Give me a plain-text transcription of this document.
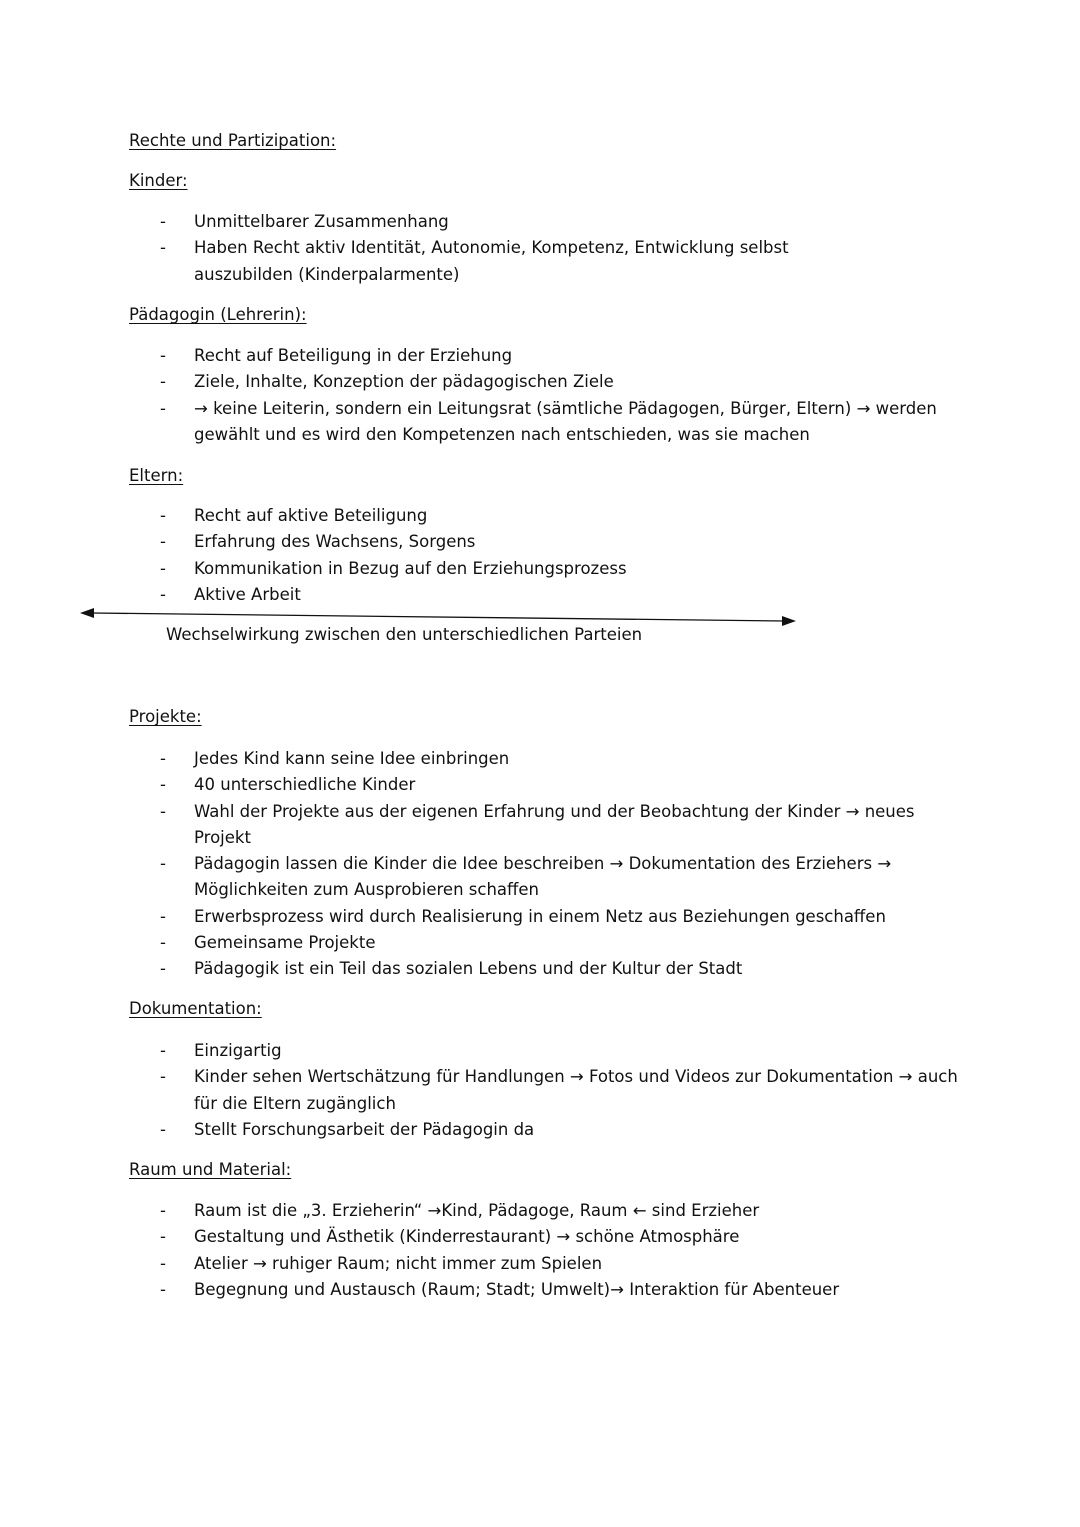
Rechte und Partizipation:
Kinder:
- Unmittelbarer Zusammenhang
- Haben Recht aktiv Identität, Autonomie, Kompetenz, Entwicklung selbst auszubilden (Kinderpalarmente)
Pädagogin (Lehrerin):
- Recht auf Beteiligung in der Erziehung
- Ziele, Inhalte, Konzeption der pädagogischen Ziele
- → keine Leiterin, sondern ein Leitungsrat (sämtliche Pädagogen, Bürger, Eltern) → werden gewählt und es wird den Kompetenzen nach entschieden, was sie machen
Eltern:
- Recht auf aktive Beteiligung
- Erfahrung des Wachsens, Sorgens
- Kommunikation in Bezug auf den Erziehungsprozess
- Aktive Arbeit
Wechselwirkung zwischen den unterschiedlichen Parteien
Projekte:
- Jedes Kind kann seine Idee einbringen
- 40 unterschiedliche Kinder
- Wahl der Projekte aus der eigenen Erfahrung und der Beobachtung der Kinder → neues Projekt
- Pädagogin lassen die Kinder die Idee beschreiben → Dokumentation des Erziehers → Möglichkeiten zum Ausprobieren schaffen
- Erwerbsprozess wird durch Realisierung in einem Netz aus Beziehungen geschaffen
- Gemeinsame Projekte
- Pädagogik ist ein Teil das sozialen Lebens und der Kultur der Stadt
Dokumentation:
- Einzigartig
- Kinder sehen Wertschätzung für Handlungen → Fotos und Videos zur Dokumentation → auch für die Eltern zugänglich
- Stellt Forschungsarbeit der Pädagogin da
Raum und Material:
- Raum ist die „3. Erzieherin“ →Kind, Pädagoge, Raum ← sind Erzieher
- Gestaltung und Ästhetik (Kinderrestaurant) → schöne Atmosphäre
- Atelier → ruhiger Raum; nicht immer zum Spielen
- Begegnung und Austausch (Raum; Stadt; Umwelt)→ Interaktion für Abenteuer
